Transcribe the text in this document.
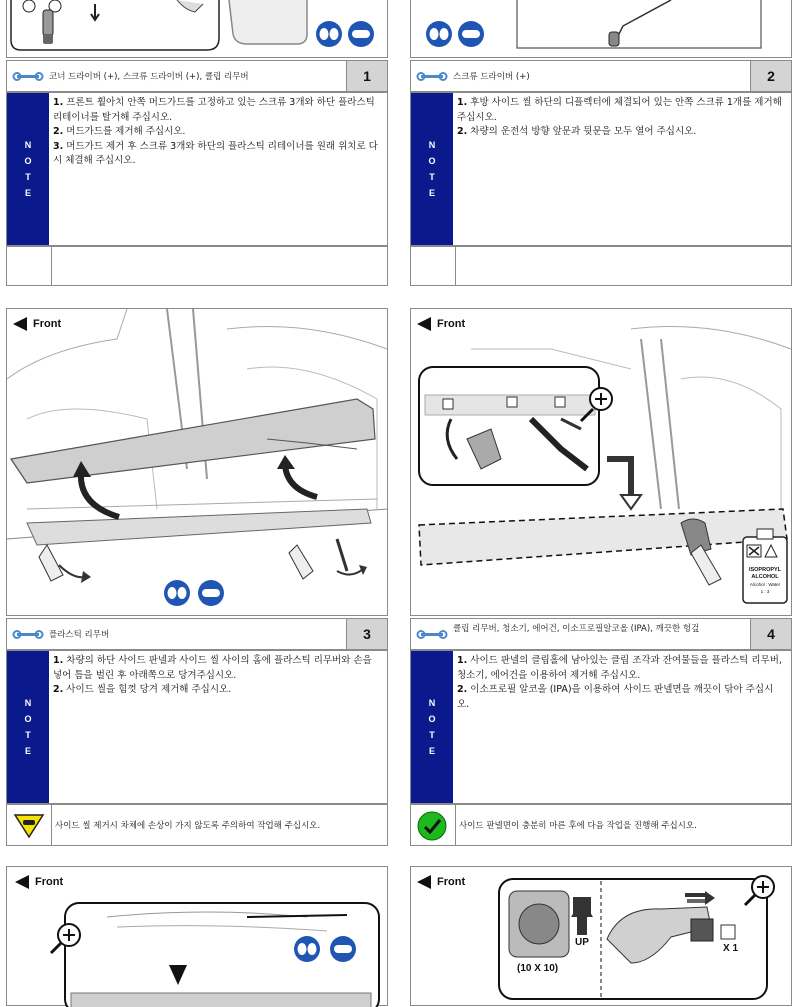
코너 드라이버 (+), 스크류 드라이버 (+), 클립 리무버	1
N
O
T
E
1. 프론트 휠아치 안쪽 머드가드를 고정하고 있는 스크류 3개와 하단 플라스틱 리테이너를 탈거해 주십시오.
2. 머드가드를 제거해 주십시오.
3. 머드가드 제거 후 스크류 3개와 하단의 플라스틱 리테이너를 원래 위치로 다시 체결해 주십시오.
스크류 드라이버 (+)	2
N
O
T
E
1. 후방 사이드 씰 하단의 디플렉터에 체결되어 있는 안쪽 스크류 1개를 제거해 주십시오.
2. 차량의 운전석 방향 앞문과 뒷문을 모두 열어 주십시오.
Front
플라스틱 리무버	3
N
O
T
E
1. 차량의 하단 사이드 판넬과 사이드 씰 사이의 홈에 플라스틱 리무버와 손을 넣어 틈을 벌린 후 아래쪽으로 당겨주십시오.
2. 사이드 씰을 힘껏 당겨 제거해 주십시오.
사이드 씰 제거시 차체에 손상이 가지 않도록 주의하여 작업해 주십시오.
Front
ISOPROPYL
ALCOHOL
Alcohol : Water
1 : 3
클립 리무버, 청소기, 에어건, 이소프로필알코올 (IPA), 깨끗한 헝겊	4
N
O
T
E
1. 사이드 판넬의 클립홀에 남아있는 클립 조각과 잔여물들을 플라스틱 리무버, 청소기, 에어건을 이용하여 제거해 주십시오.
2. 이소프로필 알코올 (IPA)을 이용하여 사이드 판넬면을 깨끗이 닦아 주십시오.
사이드 판넬면이 충분히 마른 후에 다음 작업을 진행해 주십시오.
Front	Front
UP
(10 X 10)
X 1
